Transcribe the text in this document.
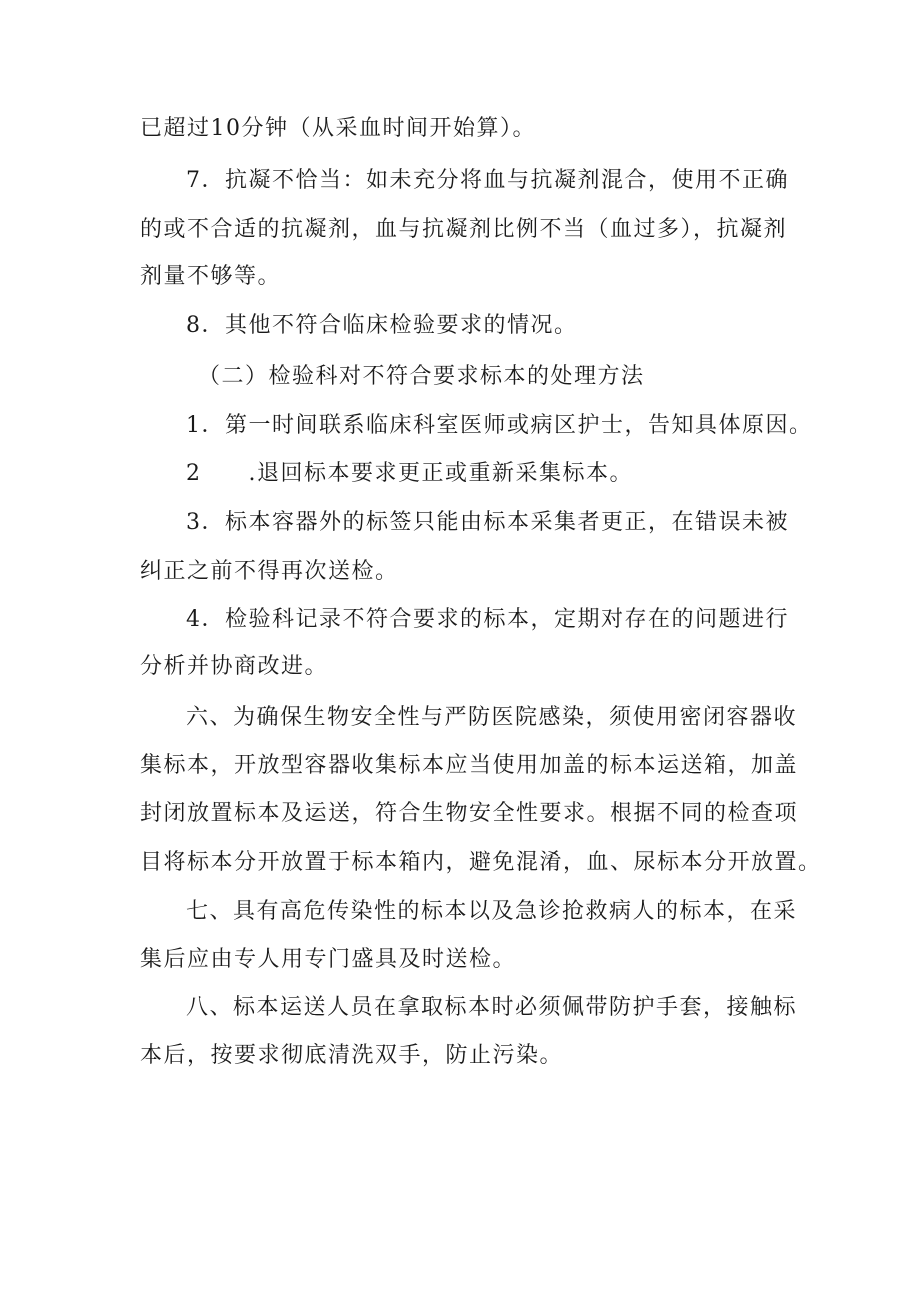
已超过10分钟（从采血时间开始算）。
7．抗凝不恰当：如未充分将血与抗凝剂混合，使用不正确
的或不合适的抗凝剂，血与抗凝剂比例不当（血过多），抗凝剂
剂量不够等。
8．其他不符合临床检验要求的情况。
（二）检验科对不符合要求标本的处理方法
1．第一时间联系临床科室医师或病区护士，告知具体原因。
2　　.退回标本要求更正或重新采集标本。
3．标本容器外的标签只能由标本采集者更正，在错误未被
纠正之前不得再次送检。
4．检验科记录不符合要求的标本，定期对存在的问题进行
分析并协商改进。
六、为确保生物安全性与严防医院感染，须使用密闭容器收
集标本，开放型容器收集标本应当使用加盖的标本运送箱，加盖
封闭放置标本及运送，符合生物安全性要求。根据不同的检查项
目将标本分开放置于标本箱内，避免混淆，血、尿标本分开放置。
七、具有高危传染性的标本以及急诊抢救病人的标本，在采
集后应由专人用专门盛具及时送检。
八、标本运送人员在拿取标本时必须佩带防护手套，接触标
本后，按要求彻底清洗双手，防止污染。
